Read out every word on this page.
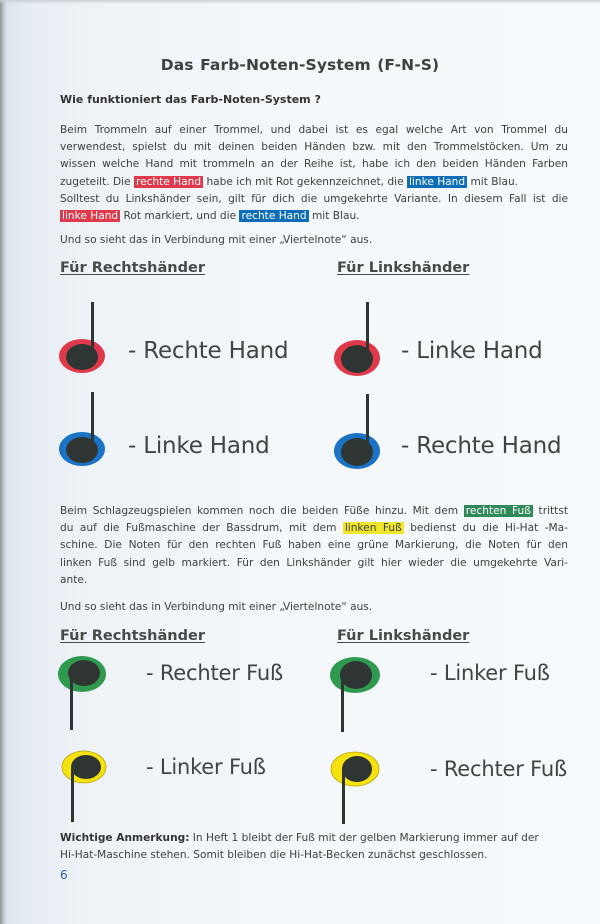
Das Farb-Noten-System (F-N-S)
Wie funktioniert das Farb-Noten-System ?
Beim Trommeln auf einer Trommel, und dabei ist es egal welche Art von Trommel du
verwendest, spielst du mit deinen beiden Händen bzw. mit den Trommelstöcken. Um zu
wissen welche Hand mit trommeln an der Reihe ist, habe ich den beiden Händen Farben
zugeteilt. Die rechte Hand habe ich mit Rot gekennzeichnet, die linke Hand mit Blau.
Solltest du Linkshänder sein, gilt für dich die umgekehrte Variante. In diesem Fall ist die
linke Hand Rot markiert, und die rechte Hand mit Blau.
Und so sieht das in Verbindung mit einer „Viertelnote“ aus.
Für Rechtshänder	Für Linkshänder
- Rechte Hand
- Linke Hand
- Linke Hand
- Rechte Hand
Beim Schlagzeugspielen kommen noch die beiden Füße hinzu. Mit dem rechten Fuß trittst
du auf die Fußmaschine der Bassdrum, mit dem linken Fuß bedienst du die Hi-Hat -Ma-
schine. Die Noten für den rechten Fuß haben eine grüne Markierung, die Noten für den
linken Fuß sind gelb markiert. Für den Linkshänder gilt hier wieder die umgekehrte Vari-
ante.
Und so sieht das in Verbindung mit einer „Viertelnote“ aus.
Für Rechtshänder	Für Linkshänder
- Rechter Fuß
- Linker Fuß
- Linker Fuß
- Rechter Fuß
Wichtige Anmerkung: In Heft 1 bleibt der Fuß mit der gelben Markierung immer auf der
Hi-Hat-Maschine stehen. Somit bleiben die Hi-Hat-Becken zunächst geschlossen.
6
